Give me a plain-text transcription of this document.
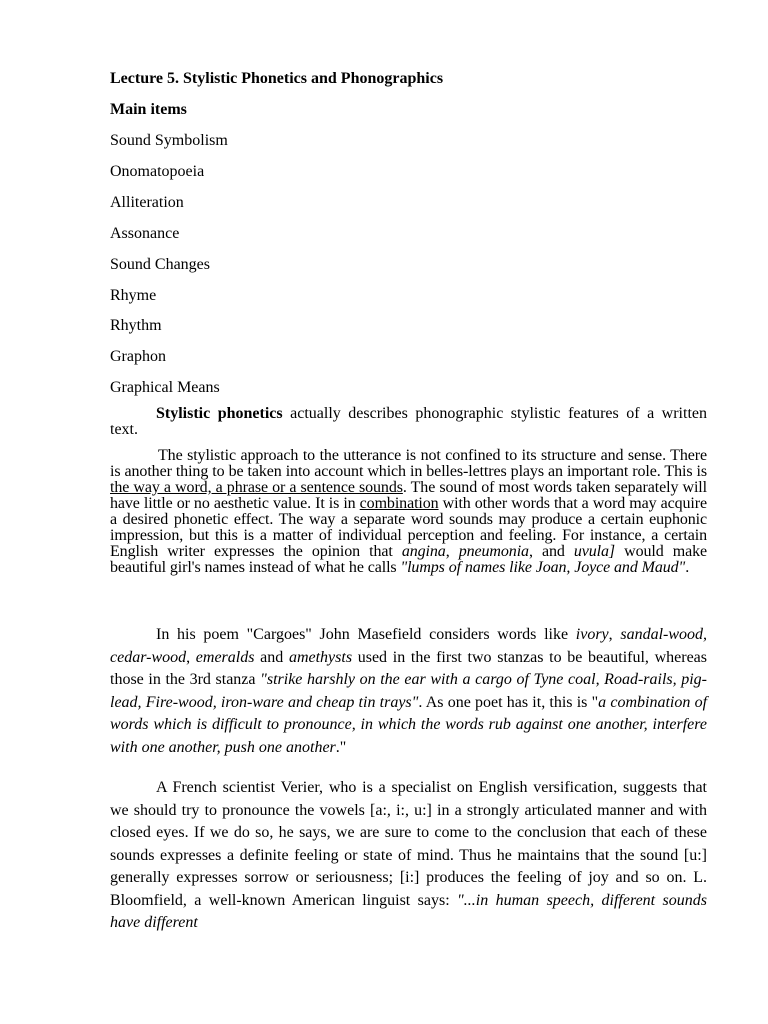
Lecture 5. Stylistic Phonetics and Phonographics
Main items
Sound Symbolism
Onomatopoeia
Alliteration
Assonance
Sound Changes
Rhyme
Rhythm
Graphon
Graphical Means

Stylistic phonetics actually describes phonographic stylistic features of a written text.

The stylistic approach to the utterance is not confined to its structure and sense. There is another thing to be taken into account which in belles-lettres plays an important role. This is the way a word, a phrase or a sentence sounds. The sound of most words taken separately will have little or no aesthetic value. It is in combination with other words that a word may acquire a desired phonetic effect. The way a separate word sounds may produce a certain euphonic impression, but this is a matter of individual perception and feeling. For instance, a certain English writer expresses the opinion that angina, pneumonia, and uvula] would make beautiful girl's names instead of what he calls "lumps of names like Joan, Joyce and Maud".

In his poem "Cargoes" John Masefield considers words like ivory, sandal-wood, cedar-wood, emeralds and amethysts used in the first two stanzas to be beautiful, whereas those in the 3rd stanza "strike harshly on the ear with a cargo of Tyne coal, Road-rails, pig-lead, Fire-wood, iron-ware and cheap tin trays". As one poet has it, this is "a combination of words which is difficult to pronounce, in which the words rub against one another, interfere with one another, push one another."

A French scientist Verier, who is a specialist on English versification, suggests that we should try to pronounce the vowels [a:, i:, u:] in a strongly articulated manner and with closed eyes. If we do so, he says, we are sure to come to the conclusion that each of these sounds expresses a definite feeling or state of mind. Thus he maintains that the sound [u:] generally expresses sorrow or seriousness; [i:] produces the feeling of joy and so on. L. Bloomfield, a well-known American linguist says: "...in human speech, different sounds have different
